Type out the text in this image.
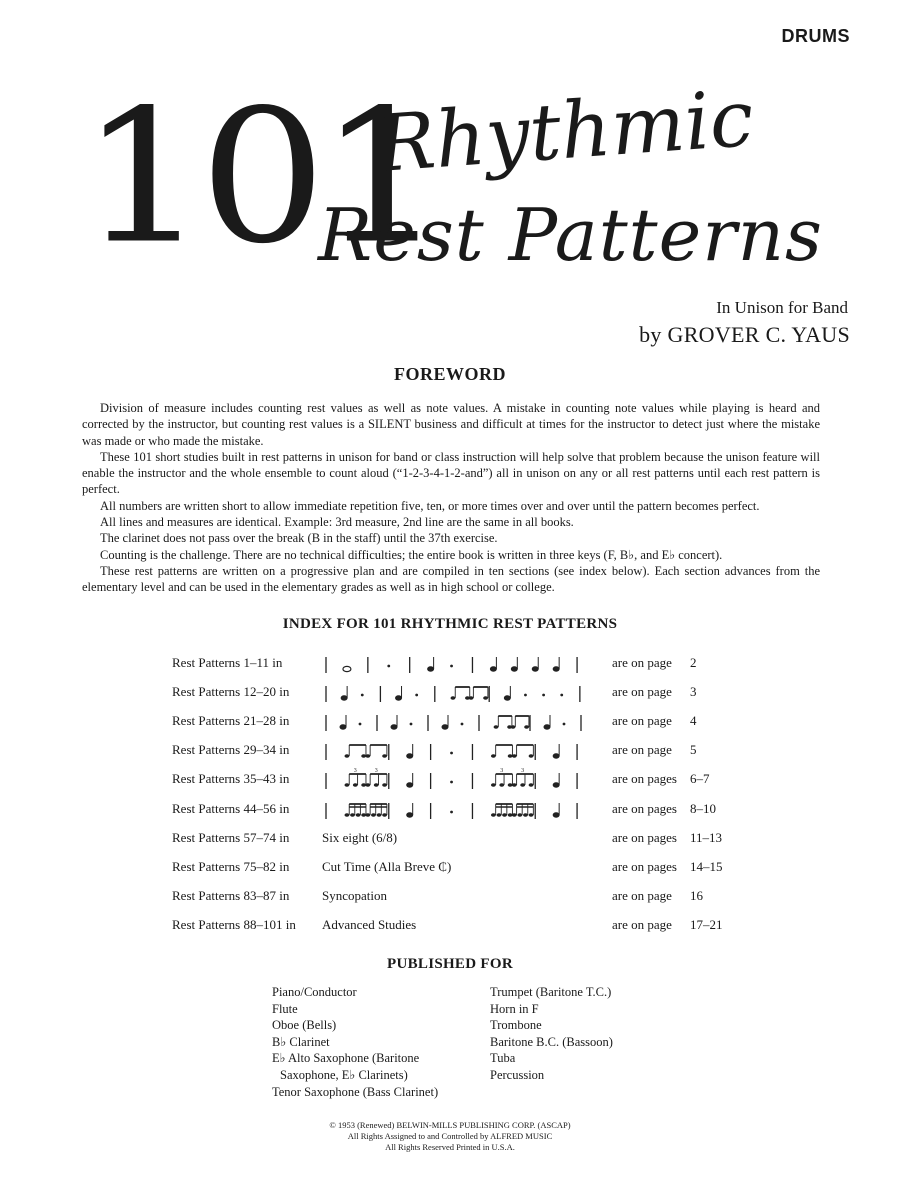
DRUMS
101
Rhythmic
Rest Patterns
In Unison for Band
by GROVER C. YAUS
FOREWORD

Division of measure includes counting rest values as well as note values. A mistake in counting note values while playing is heard and corrected by the instructor, but counting rest values is a SILENT business and difficult at times for the instructor to detect just where the mistake was made or who made the mistake.

These 101 short studies built in rest patterns in unison for band or class instruction will help solve that problem because the unison feature will enable the instructor and the whole ensemble to count aloud (“1-2-3-4-1-2-and”) all in unison on any or all rest patterns until each rest pattern is perfect.

All numbers are written short to allow immediate repetition five, ten, or more times over and over until the pattern becomes perfect.

All lines and measures are identical. Example: 3rd measure, 2nd line are the same in all books.

The clarinet does not pass over the break (B in the staff) until the 37th exercise.

Counting is the challenge. There are no technical difficulties; the entire book is written in three keys (F, B♭, and E♭ concert).

These rest patterns are written on a progressive plan and are compiled in ten sections (see index below). Each section advances from the elementary level and can be used in the elementary grades as well as in high school or college.

INDEX FOR 101 RHYTHMIC REST PATTERNS
Rest Patterns 1–11 in	are on page 2
Rest Patterns 12–20 in	are on page 3
Rest Patterns 21–28 in	are on page 4
Rest Patterns 29–34 in	are on page 5
Rest Patterns 35–43 in	3	3	3	3	are on pages 6–7
Rest Patterns 44–56 in	are on pages 8–10
Rest Patterns 57–74 in	Six eight (6/8)	are on pages 11–13
Rest Patterns 75–82 in	Cut Time (Alla Breve ₵)	are on pages 14–15
Rest Patterns 83–87 in	Syncopation	are on page 16
Rest Patterns 88–101 in Advanced Studies	are on page 17–21
PUBLISHED FOR
Piano/Conductor
Flute
Oboe (Bells)
B♭ Clarinet
E♭ Alto Saxophone (Baritone
Saxophone, E♭ Clarinets)
Tenor Saxophone (Bass Clarinet)
Trumpet (Baritone T.C.)
Horn in F
Trombone
Baritone B.C. (Bassoon)
Tuba
Percussion
© 1953 (Renewed) BELWIN-MILLS PUBLISHING CORP. (ASCAP)
All Rights Assigned to and Controlled by ALFRED MUSIC
All Rights Reserved Printed in U.S.A.
